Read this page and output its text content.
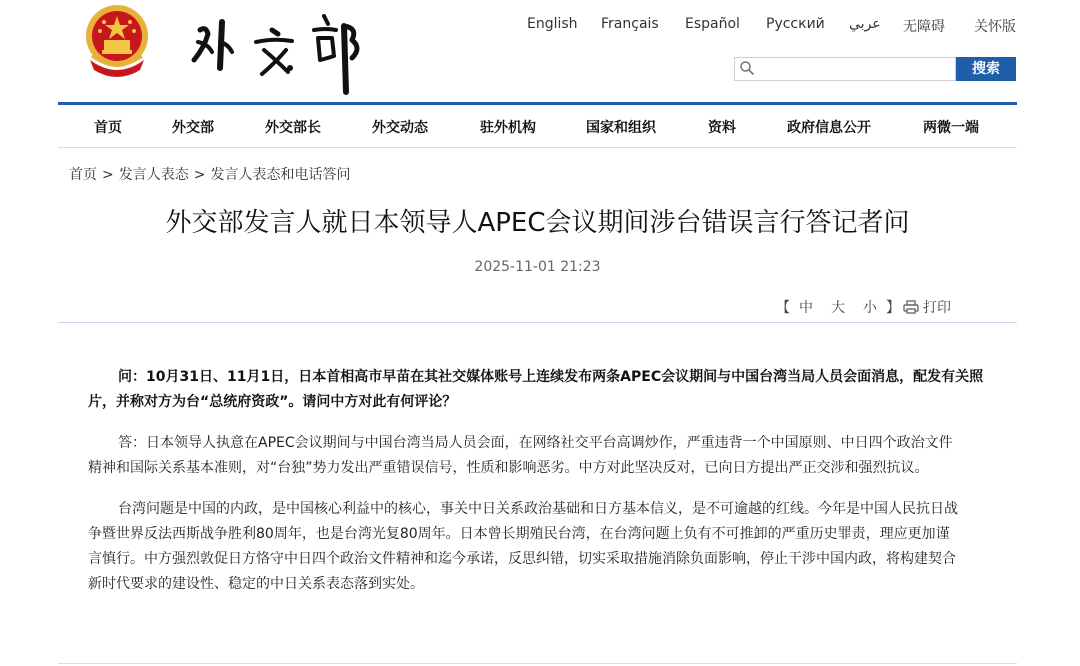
English Français Español Русский عربي 无障碍 关怀版
搜索
首页	外交部	外交部长	外交动态	驻外机构	国家和组织	资料	政府信息公开	两微一端
首页 > 发言人表态 > 发言人表态和电话答问
外交部发言人就日本领导人APEC会议期间涉台错误言行答记者问
2025-11-01 21:23
【 中 大 小 】 打印
问：10月31日、11月1日，日本首相高市早苗在其社交媒体账号上连续发布两条APEC会议期间与中国台湾当局人员会面消息，配发有关照
片，并称对方为台“总统府资政”。请问中方对此有何评论？
答：日本领导人执意在APEC会议期间与中国台湾当局人员会面，在网络社交平台高调炒作，严重违背一个中国原则、中日四个政治文件
精神和国际关系基本准则，对“台独”势力发出严重错误信号，性质和影响恶劣。中方对此坚决反对，已向日方提出严正交涉和强烈抗议。
台湾问题是中国的内政，是中国核心利益中的核心，事关中日关系政治基础和日方基本信义，是不可逾越的红线。今年是中国人民抗日战
争暨世界反法西斯战争胜利80周年，也是台湾光复80周年。日本曾长期殖民台湾，在台湾问题上负有不可推卸的严重历史罪责，理应更加谨
言慎行。中方强烈敦促日方恪守中日四个政治文件精神和迄今承诺，反思纠错，切实采取措施消除负面影响，停止干涉中国内政，将构建契合
新时代要求的建设性、稳定的中日关系表态落到实处。
